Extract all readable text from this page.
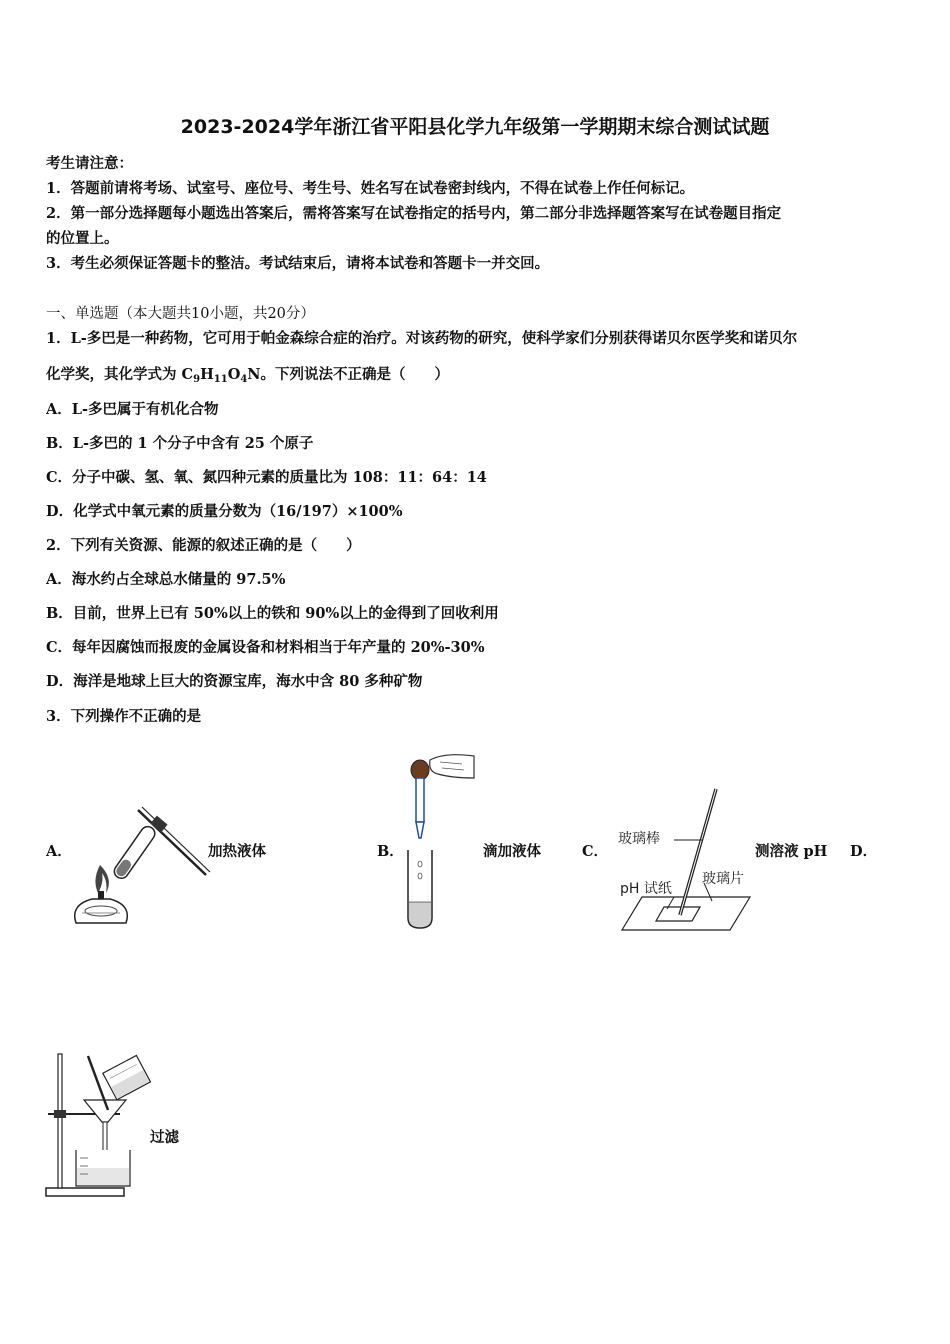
2023-2024学年浙江省平阳县化学九年级第一学期期末综合测试试题
考生请注意：
1．答题前请将考场、试室号、座位号、考生号、姓名写在试卷密封线内，不得在试卷上作任何标记。
2．第一部分选择题每小题选出答案后，需将答案写在试卷指定的括号内，第二部分非选择题答案写在试卷题目指定
的位置上。
3．考生必须保证答题卡的整洁。考试结束后，请将本试卷和答题卡一并交回。
一、单选题（本大题共10小题，共20分）
1．L-多巴是一种药物，它可用于帕金森综合症的治疗。对该药物的研究，使科学家们分别获得诺贝尔医学奖和诺贝尔
化学奖，其化学式为 $C_9H_{11}O_4N$。下列说法不正确是（　　）
A．L-多巴属于有机化合物
B．L-多巴的 1 个分子中含有 25 个原子
C．分子中碳、氢、氧、氮四种元素的质量比为 108：11：64：14
D．化学式中氧元素的质量分数为（16/197）×100%
2．下列有关资源、能源的叙述正确的是（　　）
A．海水约占全球总水储量的 97.5%
B．目前，世界上已有 50%以上的铁和 90%以上的金得到了回收利用
C．每年因腐蚀而报废的金属设备和材料相当于年产量的 20%-30%
D．海洋是地球上巨大的资源宝库，海水中含 80 多种矿物
3．下列操作不正确的是
A．	加热液体	B．	滴加液体	C．	测溶液 pH D．
过滤
玻璃棒
pH 试纸
玻璃片
